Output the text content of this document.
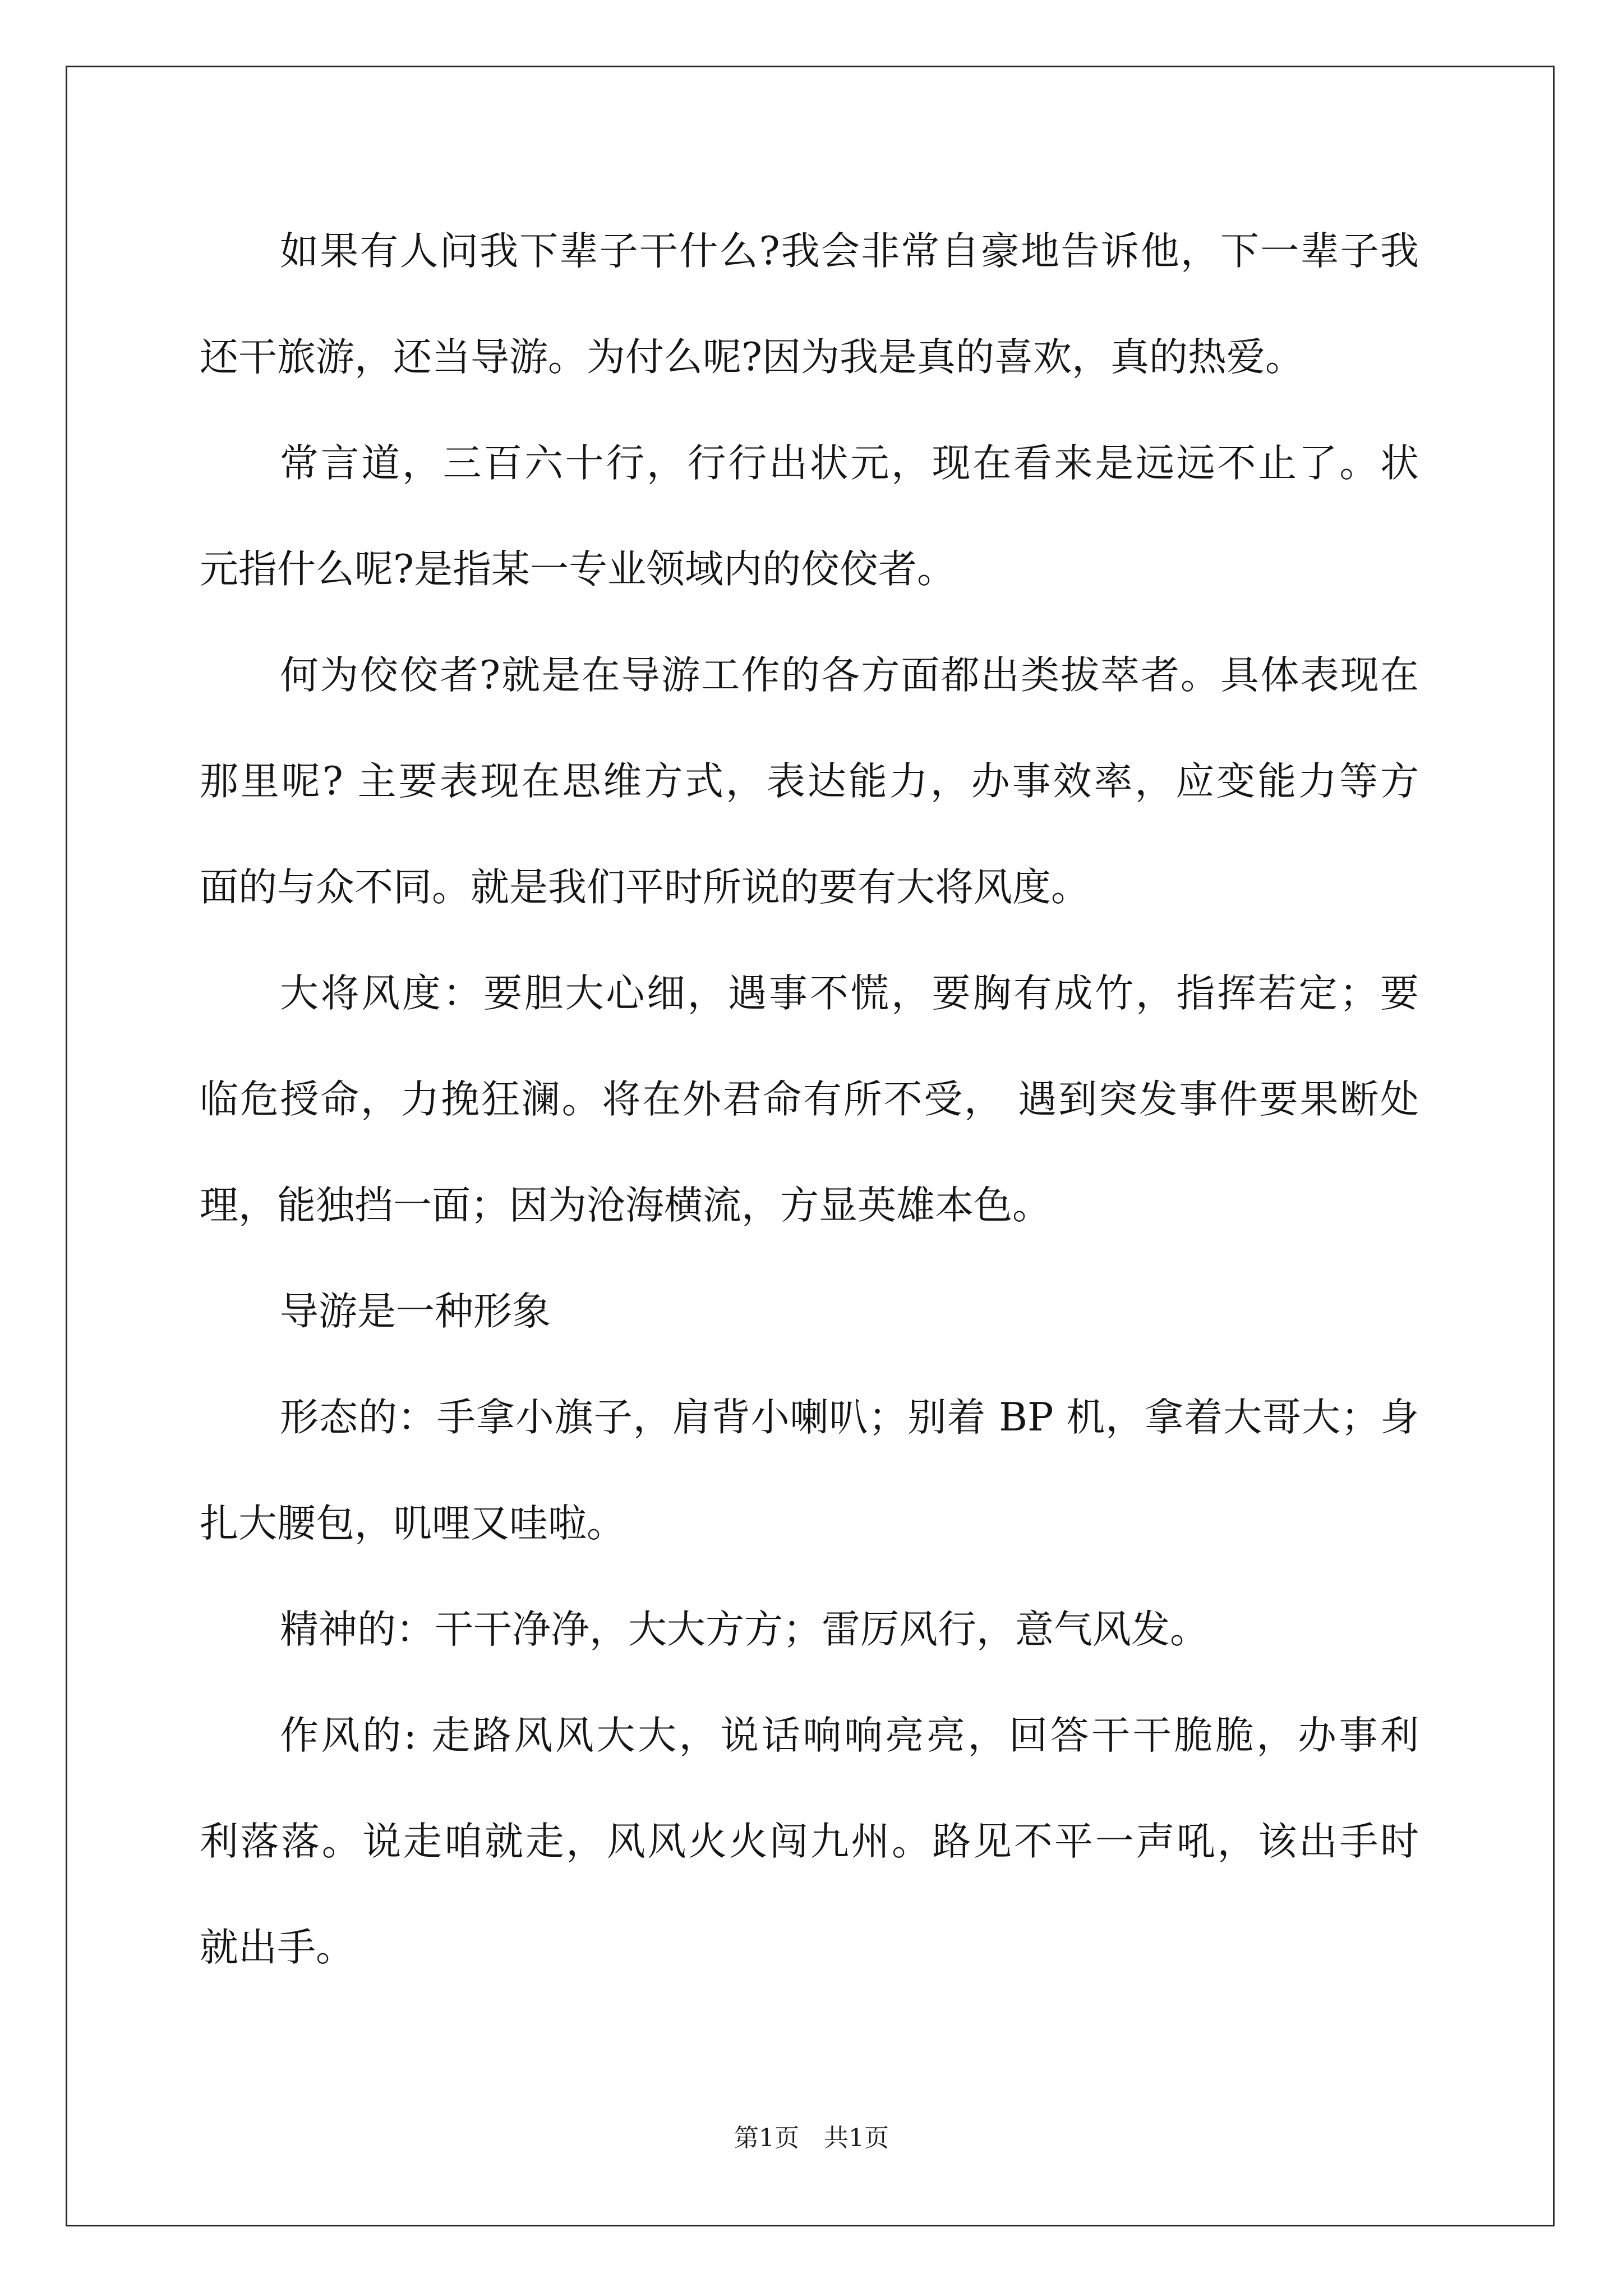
如果有人问我下辈子干什么?我会非常自豪地告诉他，下一辈子我
还干旅游，还当导游。为付么呢?因为我是真的喜欢，真的热爱。
常言道，三百六十行，行行出状元，现在看来是远远不止了。状
元指什么呢?是指某一专业领域内的佼佼者。
何为佼佼者?就是在导游工作的各方面都出类拔萃者。具体表现在
那里呢? 主要表现在思维方式，表达能力，办事效率，应变能力等方
面的与众不同。就是我们平时所说的要有大将风度。
大将风度：要胆大心细，遇事不慌，要胸有成竹，指挥若定；要
临危授命，力挽狂澜。将在外君命有所不受， 遇到突发事件要果断处
理，能独挡一面；因为沧海横流，方显英雄本色。
导游是一种形象
形态的：手拿小旗子，肩背小喇叭；别着 BP 机，拿着大哥大；身
扎大腰包，叽哩又哇啦。
精神的：干干净净，大大方方；雷厉风行，意气风发。
作风的: 走路风风大大，说话响响亮亮，回答干干脆脆，办事利
利落落。说走咱就走，风风火火闯九州。路见不平一声吼，该出手时
就出手。
第1页　共1页
